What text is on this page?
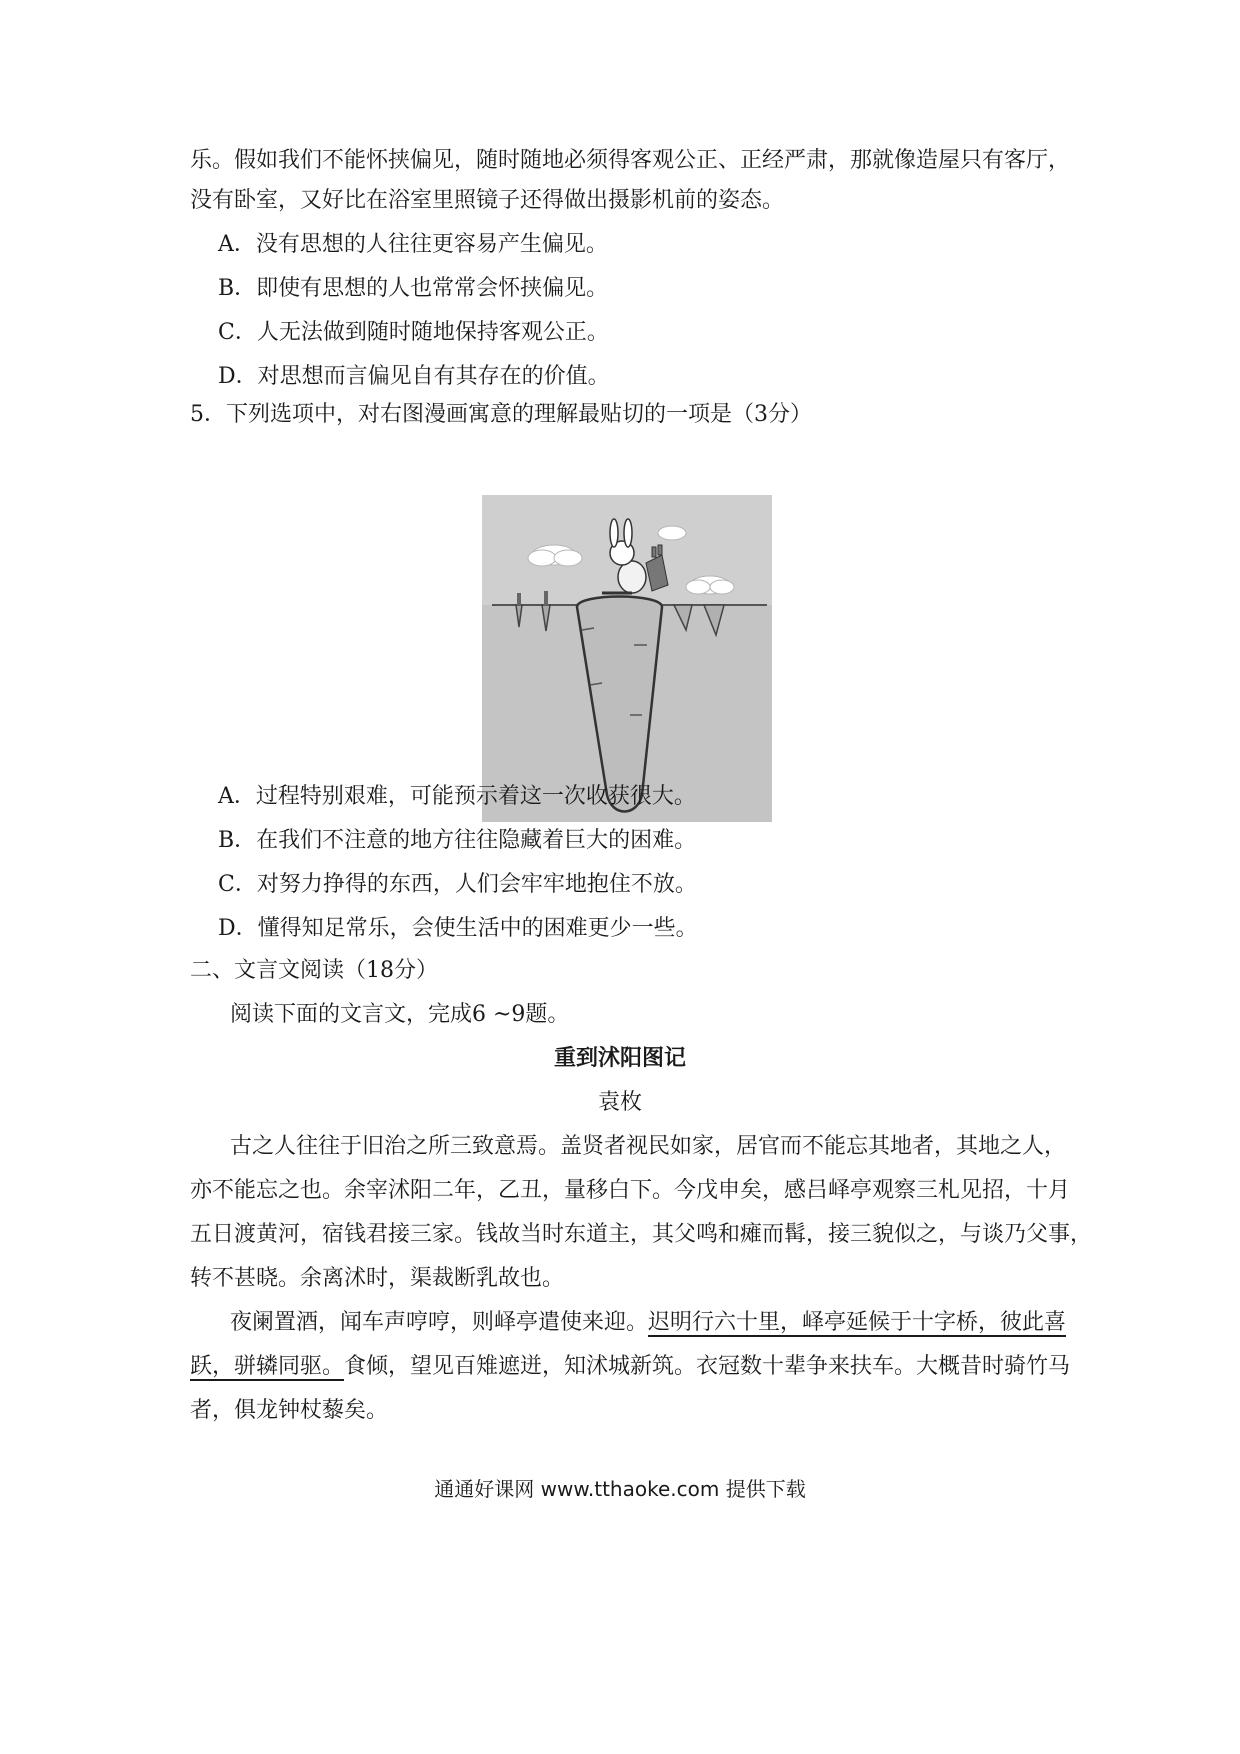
乐。假如我们不能怀挟偏见，随时随地必须得客观公正、正经严肃，那就像造屋只有客厅，
没有卧室，又好比在浴室里照镜子还得做出摄影机前的姿态。
A．没有思想的人往往更容易产生偏见。
B．即使有思想的人也常常会怀挟偏见。
C．人无法做到随时随地保持客观公正。
D．对思想而言偏见自有其存在的价值。
5．下列选项中，对右图漫画寓意的理解最贴切的一项是（3分）
A．过程特别艰难，可能预示着这一次收获很大。
B．在我们不注意的地方往往隐藏着巨大的困难。
C．对努力挣得的东西，人们会牢牢地抱住不放。
D．懂得知足常乐，会使生活中的困难更少一些。
二、文言文阅读（18分）
阅读下面的文言文，完成6 ~9题。
重到沭阳图记
袁枚
古之人往往于旧治之所三致意焉。盖贤者视民如家，居官而不能忘其地者，其地之人，
亦不能忘之也。余宰沭阳二年，乙丑，量移白下。今戊申矣，感吕峄亭观察三札见招，十月
五日渡黄河，宿钱君接三家。钱故当时东道主，其父鸣和瘫而髯，接三貌似之，与谈乃父事，
转不甚晓。余离沭时，渠裁断乳故也。
夜阑置酒，闻车声哼哼，则峄亭遣使来迎。迟明行六十里，峄亭延候于十字桥，彼此喜
跃，骈辚同驱。食倾，望见百雉遮迸，知沭城新筑。衣冠数十辈争来扶车。大概昔时骑竹马
者，俱龙钟杖藜矣。
通通好课网 www.tthaoke.com 提供下载
